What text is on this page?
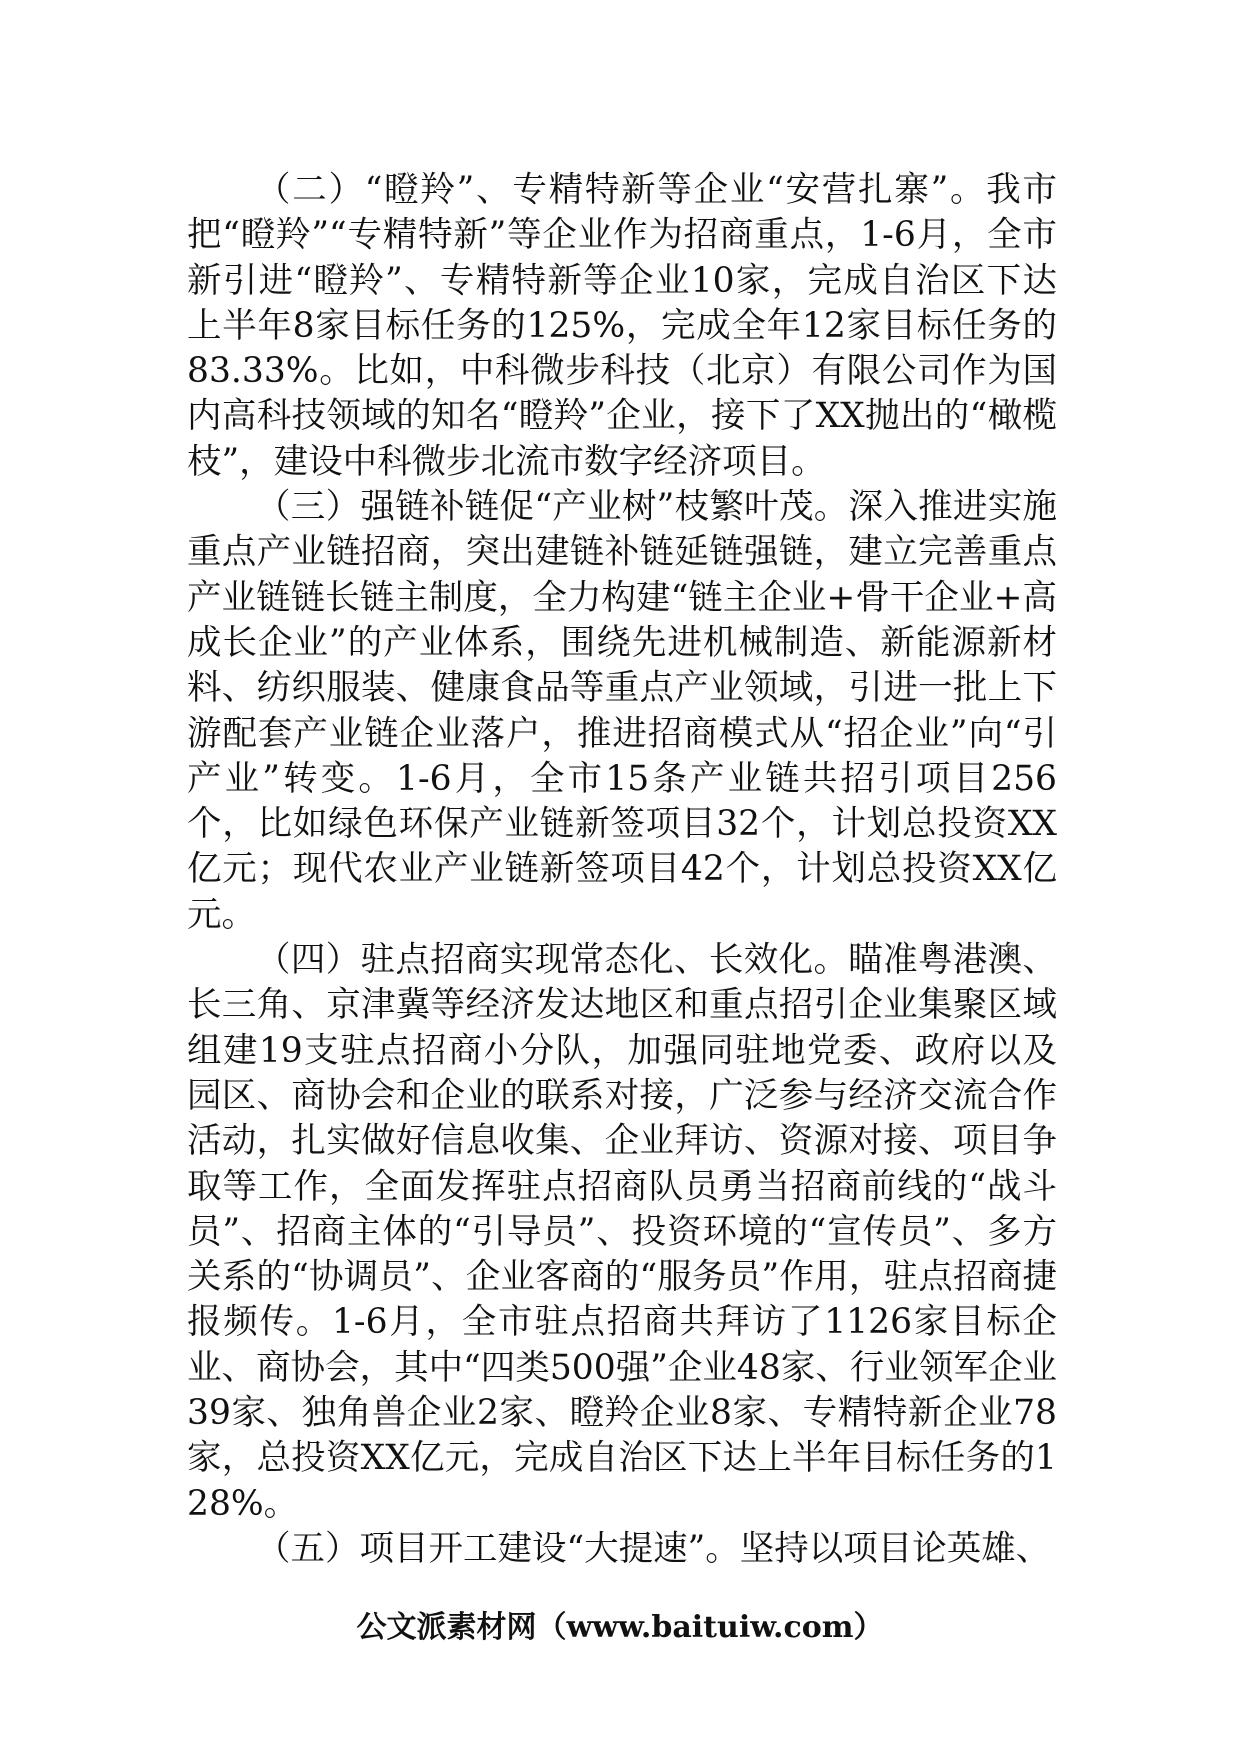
（二）“瞪羚”、专精特新等企业“安营扎寨”。我市把“瞪羚”“专精特新”等企业作为招商重点，1-6月，全市新引进“瞪羚”、专精特新等企业10家，完成自治区下达上半年8家目标任务的125%，完成全年12家目标任务的83.33%。比如，中科微步科技（北京）有限公司作为国内高科技领域的知名“瞪羚”企业，接下了XX抛出的“橄榄枝”，建设中科微步北流市数字经济项目。

（三）强链补链促“产业树”枝繁叶茂。深入推进实施重点产业链招商，突出建链补链延链强链，建立完善重点产业链链长链主制度，全力构建“链主企业+骨干企业+高成长企业”的产业体系，围绕先进机械制造、新能源新材料、纺织服装、健康食品等重点产业领域，引进一批上下游配套产业链企业落户，推进招商模式从“招企业”向“引产业”转变。1-6月，全市15条产业链共招引项目256个，比如绿色环保产业链新签项目32个，计划总投资XX亿元；现代农业产业链新签项目42个，计划总投资XX亿元。

（四）驻点招商实现常态化、长效化。瞄准粤港澳、长三角、京津冀等经济发达地区和重点招引企业集聚区域组建19支驻点招商小分队，加强同驻地党委、政府以及园区、商协会和企业的联系对接，广泛参与经济交流合作活动，扎实做好信息收集、企业拜访、资源对接、项目争取等工作，全面发挥驻点招商队员勇当招商前线的“战斗员”、招商主体的“引导员”、投资环境的“宣传员”、多方关系的“协调员”、企业客商的“服务员”作用，驻点招商捷报频传。1-6月，全市驻点招商共拜访了1126家目标企业、商协会，其中“四类500强”企业48家、行业领军企业39家、独角兽企业2家、瞪羚企业8家、专精特新企业78家，总投资XX亿元，完成自治区下达上半年目标任务的128%。

（五）项目开工建设“大提速”。坚持以项目论英雄、

公文派素材网（www.baituiw.com）
